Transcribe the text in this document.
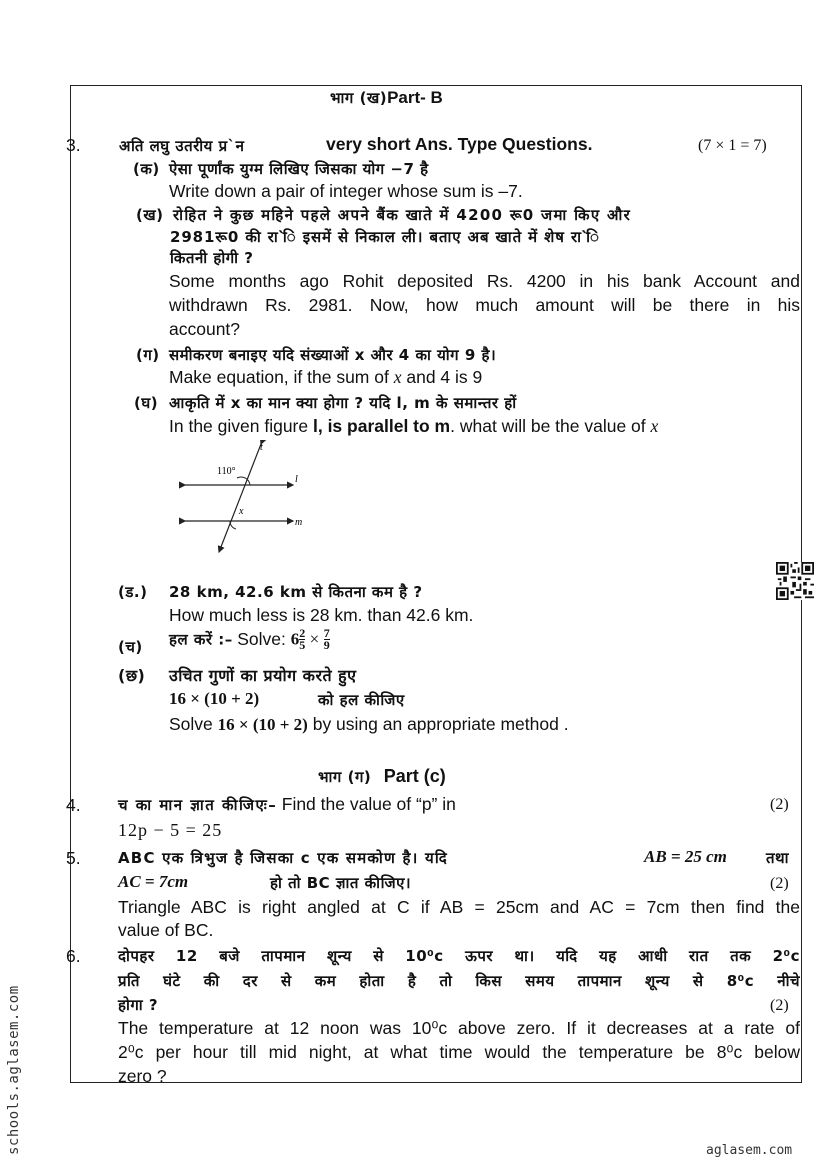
भाग (ख)Part- B
3.	अति लघु उतरीय प्र`न	very short Ans. Type Questions.	(7 × 1 = 7)
(क) ऐसा पूर्णांक युग्म लिखिए जिसका योग −7 है
Write down a pair of integer whose sum is –7.
(ख) रोहित ने कुछ महिने पहले अपने बैंक खाते में 4200 रू0 जमा किए और
2981रू0 की रा`ि इसमें से निकाल ली। बताए अब खाते में शेष रा`ि
कितनी होगी ?
Some months ago Rohit deposited Rs. 4200 in his bank Account and
withdrawn Rs. 2981. Now, how much amount will be there in his
account?
(ग) समीकरण बनाइए यदि संख्याओं x और 4 का योग 9 है।
Make equation, if the sum of x and 4 is 9
(घ) आकृति में x का मान क्या होगा ? यदि l, m के समान्तर हों
In the given figure l, is parallel to m. what will be the value of x
110°
t
l
m
x
(ड.) 28 km, 42.6 km से कितना कम है ?
How much less is 28 km. than 42.6 km.
(च) हल करें :– Solve: $6 \frac{2}{5} \times \frac{7}{9}$
(छ) उचित गुणों का प्रयोग करते हुए
16 × (10 + 2)	को हल कीजिए
Solve 16 × (10 + 2) by using an appropriate method .
भाग (ग) Part (c)
4. च का मान ज्ञात कीजिएः– Find the value of “p” in	(2)
12p − 5 = 25
5. ABC एक त्रिभुज है जिसका c एक समकोण है। यदि	AB = 25 cm	तथा
AC = 7cm	हो तो BC ज्ञात कीजिए।	(2)
Triangle ABC is right angled at C if AB = 25cm and AC = 7cm then find the
value of BC.
6. दोपहर 12 बजे तापमान शून्य से 10⁰c ऊपर था। यदि यह आधी रात तक 2⁰c
प्रति घंटे की दर से कम होता है तो किस समय तापमान शून्य से 8⁰c नीचे
होगा ?	(2)
The temperature at 12 noon was 10⁰c above zero. If it decreases at a rate of
2⁰c per hour till mid night, at what time would the temperature be 8⁰c below
zero ?
schools.aglasem.com	aglasem.com
